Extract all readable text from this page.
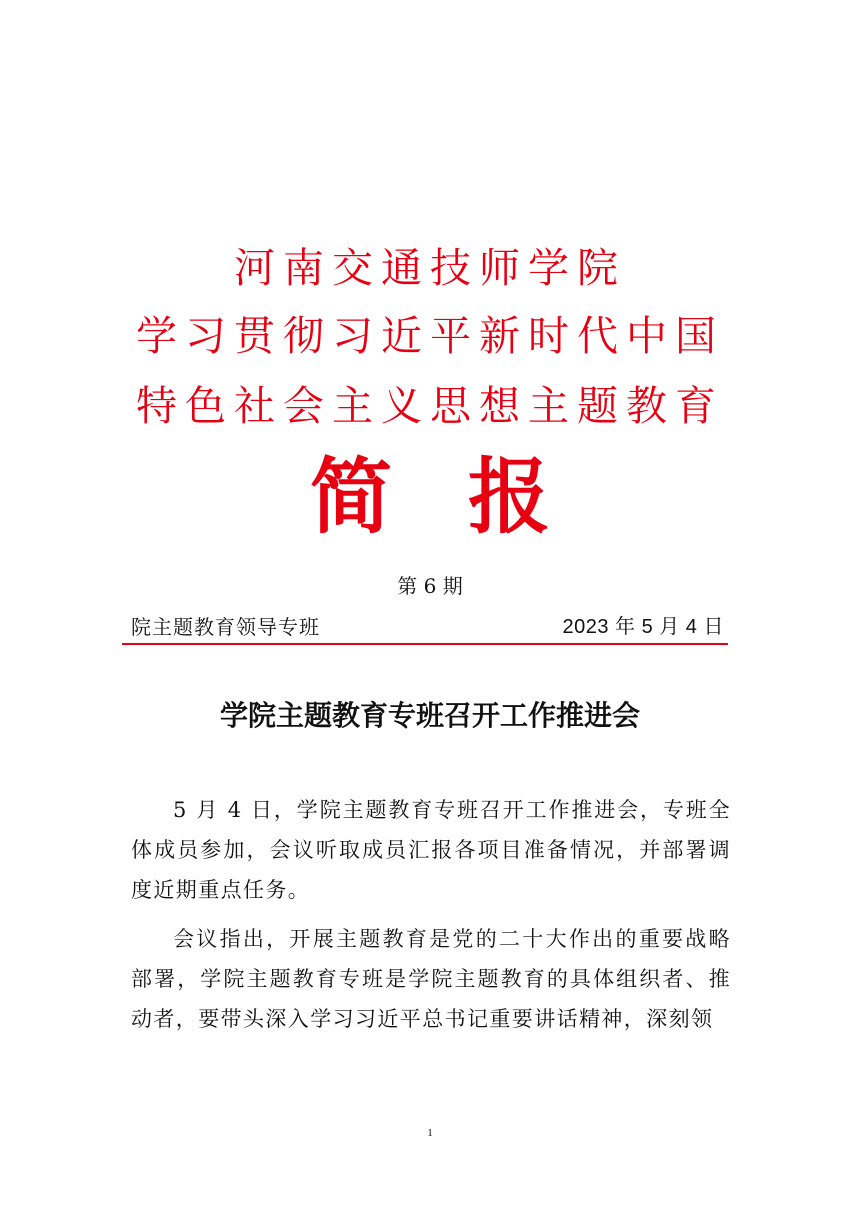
河南交通技师学院
学习贯彻习近平新时代中国
特色社会主义思想主题教育
简 报
第 6 期
院主题教育领导专班	2023 年 5 月 4 日
学院主题教育专班召开工作推进会

5 月 4 日，学院主题教育专班召开工作推进会，专班全体成员参加，会议听取成员汇报各项目准备情况，并部署调度近期重点任务。

会议指出，开展主题教育是党的二十大作出的重要战略部署，学院主题教育专班是学院主题教育的具体组织者、推动者，要带头深入学习习近平总书记重要讲话精神，深刻领

1
